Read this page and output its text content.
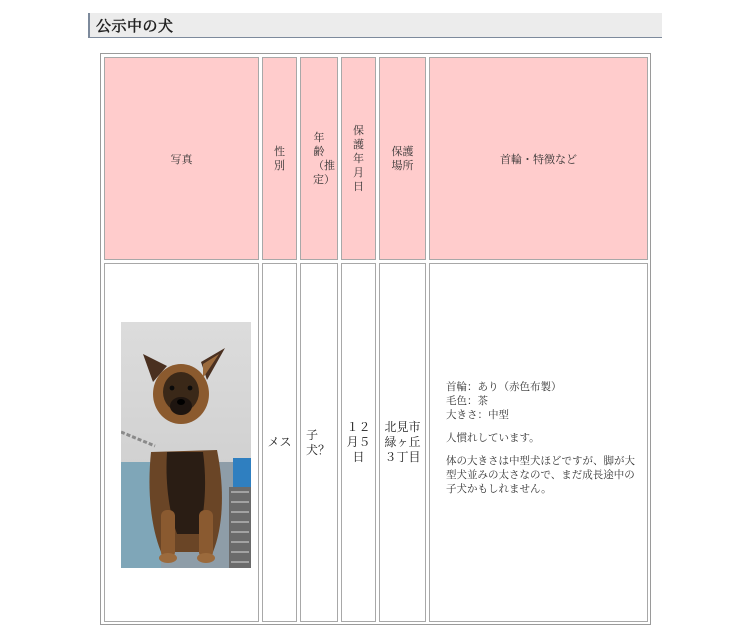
公示中の犬
写真
性別
年齢（推定）
保護年月日
保護場所	首輪・特徴など
メス
子犬？
１２月５日
北見市緑ヶ丘３丁目
首輪：あり（赤色布製）
毛色：茶

大きさ：中型

人慣れしています。

体の大きさは中型犬ほどですが、脚が大型犬並みの太さなので、まだ成長途中の子犬かもしれません。
